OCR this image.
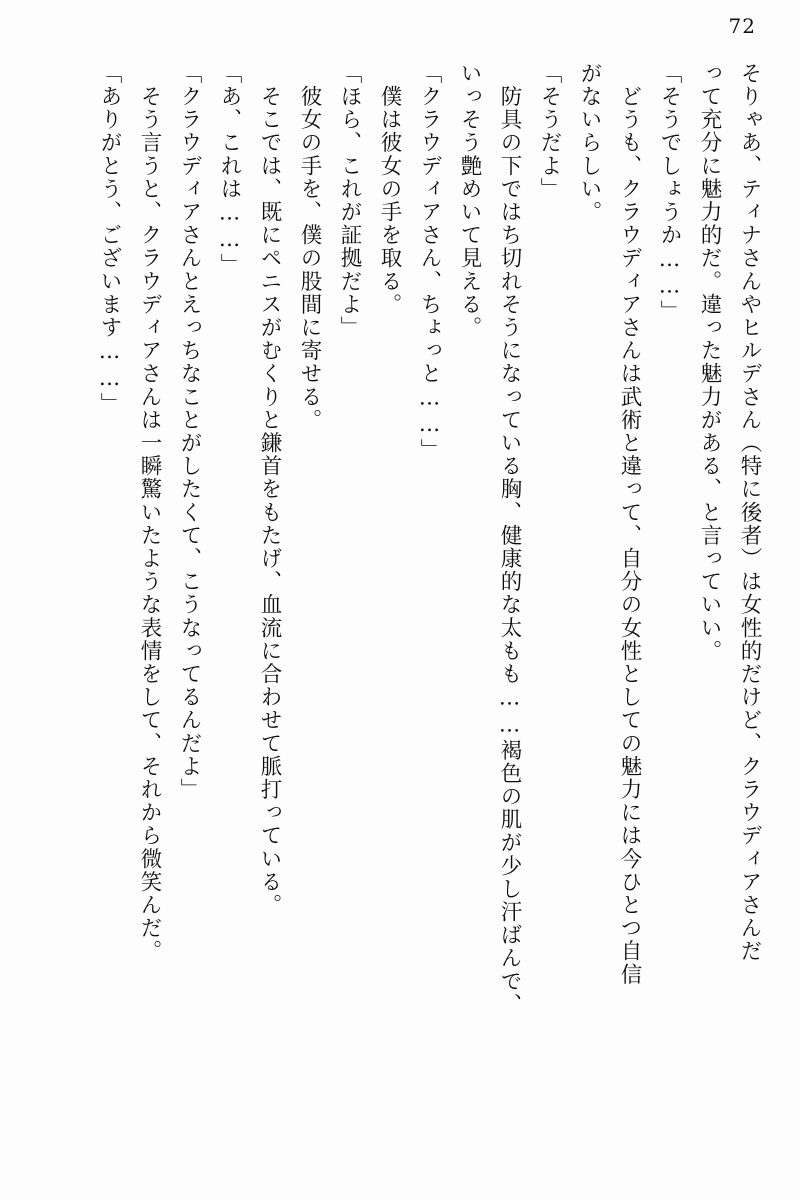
72
そりゃあ、ティナさんやヒルデさん（特に後者）は女性的だけど、クラウディアさんだ
って充分に魅力的だ。違った魅力がある、と言っていい。
「そうでしょうか……」
　どうも、クラウディアさんは武術と違って、自分の女性としての魅力には今ひとつ自信
がないらしい。
「そうだよ」
　防具の下ではち切れそうになっている胸、健康的な太もも……褐色の肌が少し汗ばんで、
いっそう艶めいて見える。
「クラウディアさん、ちょっと……」
　僕は彼女の手を取る。
「ほら、これが証拠だよ」
　彼女の手を、僕の股間に寄せる。
　そこでは、既にペニスがむくりと鎌首をもたげ、血流に合わせて脈打っている。
「あ、これは……」
「クラウディアさんとえっちなことがしたくて、こうなってるんだよ」
　そう言うと、クラウディアさんは一瞬驚いたような表情をして、それから微笑んだ。
「ありがとう、ございます……」
